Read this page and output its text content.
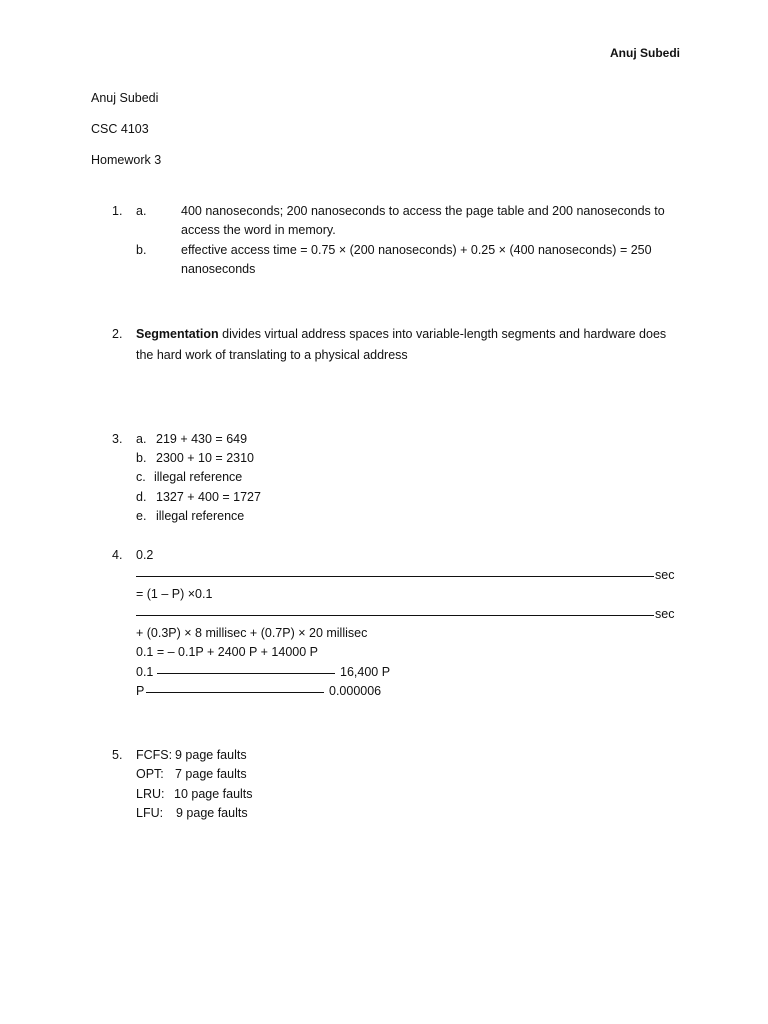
Anuj Subedi
Anuj Subedi
CSC 4103
Homework 3
1. a.	400 nanoseconds; 200 nanoseconds to access the page table and 200 nanoseconds to
access the word in memory.
b.	effective access time = 0.75 × (200 nanoseconds) + 0.25 × (400 nanoseconds) = 250
nanoseconds
2. Segmentation divides virtual address spaces into variable-length segments and hardware does
the hard work of translating to a physical address
3. a. 219 + 430 = 649
b. 2300 + 10 = 2310
c. illegal reference
d. 1327 + 400 = 1727
e. illegal reference
4. 0.2
sec
= (1 – P) ×0.1
sec
+ (0.3P) × 8 millisec + (0.7P) × 20 millisec
0.1 = – 0.1P + 2400 P + 14000 P
0.1	16,400 P
P	0.000006
5. FCFS: 9 page faults
OPT: 7 page faults
LRU: 10 page faults
LFU: 9 page faults
